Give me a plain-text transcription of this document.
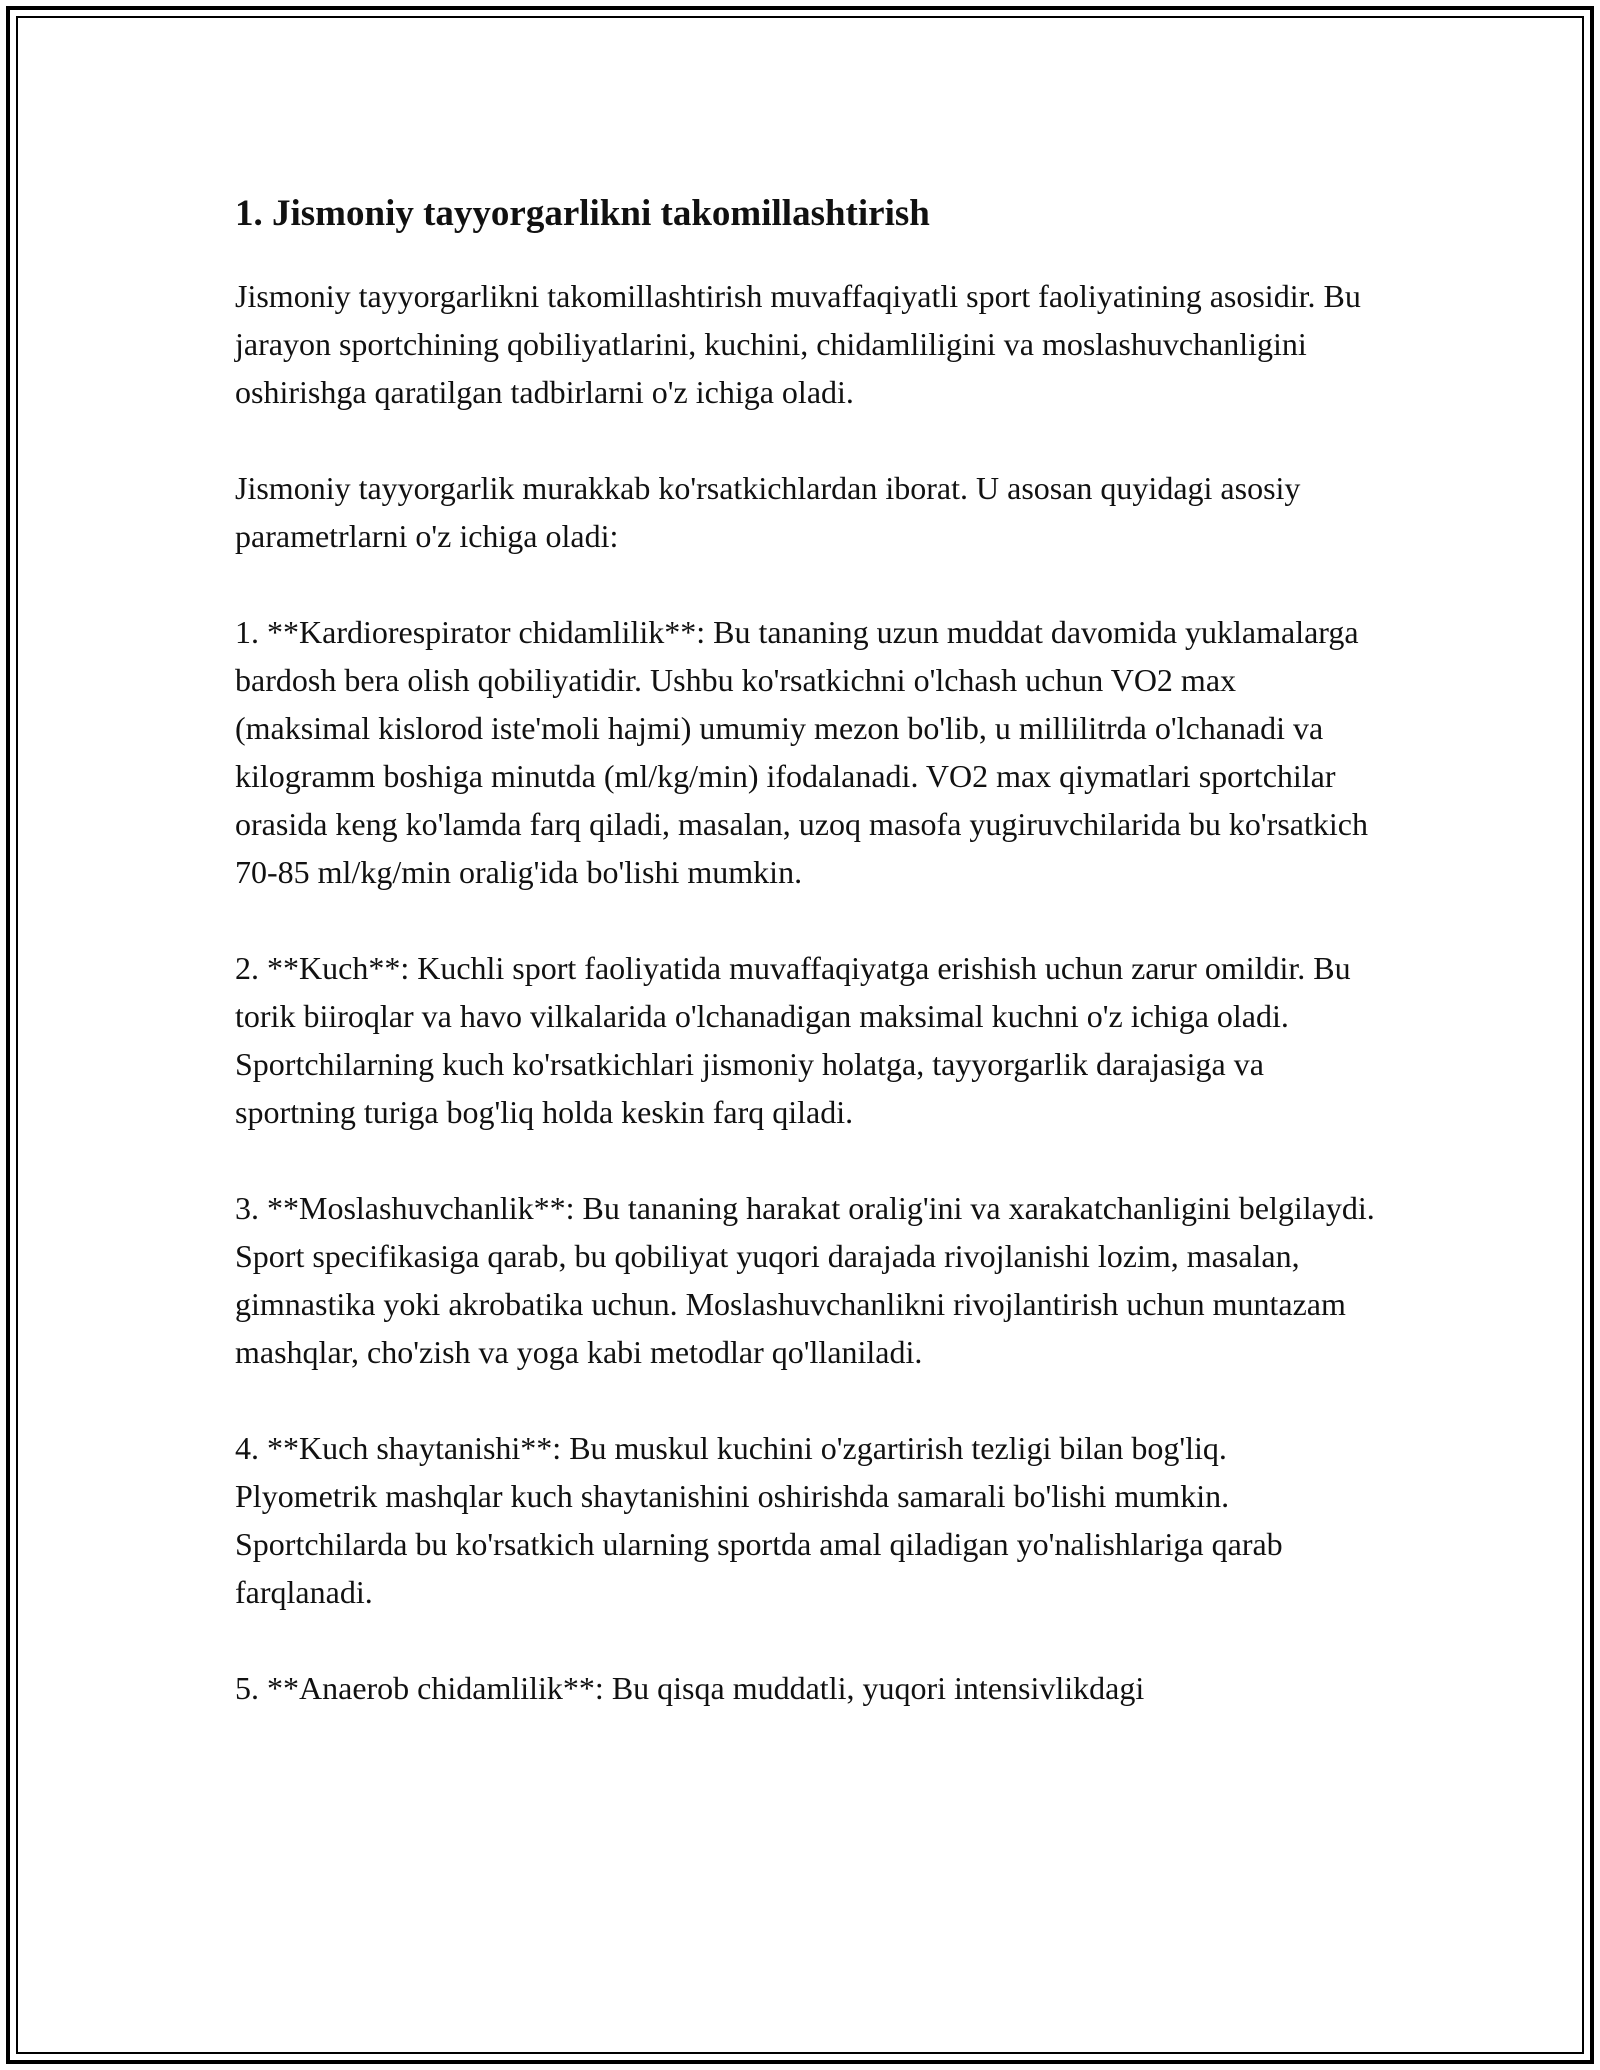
1. Jismoniy tayyorgarlikni takomillashtirish

Jismoniy tayyorgarlikni takomillashtirish muvaffaqiyatli sport faoliyatining asosidir. Bu jarayon sportchining qobiliyatlarini, kuchini, chidamliligini va moslashuvchanligini oshirishga qaratilgan tadbirlarni o'z ichiga oladi.

Jismoniy tayyorgarlik murakkab ko'rsatkichlardan iborat. U asosan quyidagi asosiy parametrlarni o'z ichiga oladi:

1. **Kardiorespirator chidamlilik**: Bu tananing uzun muddat davomida yuklamalarga bardosh bera olish qobiliyatidir. Ushbu ko'rsatkichni o'lchash uchun VO2 max (maksimal kislorod iste'moli hajmi) umumiy mezon bo'lib, u millilitrda o'lchanadi va kilogramm boshiga minutda (ml/kg/min) ifodalanadi. VO2 max qiymatlari sportchilar orasida keng ko'lamda farq qiladi, masalan, uzoq masofa yugiruvchilarida bu ko'rsatkich 70-85 ml/kg/min oralig'ida bo'lishi mumkin.

2. **Kuch**: Kuchli sport faoliyatida muvaffaqiyatga erishish uchun zarur omildir. Bu torik biiroqlar va havo vilkalarida o'lchanadigan maksimal kuchni o'z ichiga oladi. Sportchilarning kuch ko'rsatkichlari jismoniy holatga, tayyorgarlik darajasiga va sportning turiga bog'liq holda keskin farq qiladi.

3. **Moslashuvchanlik**: Bu tananing harakat oralig'ini va xarakatchanligini belgilaydi. Sport specifikasiga qarab, bu qobiliyat yuqori darajada rivojlanishi lozim, masalan, gimnastika yoki akrobatika uchun. Moslashuvchanlikni rivojlantirish uchun muntazam mashqlar, cho'zish va yoga kabi metodlar qo'llaniladi.

4. **Kuch shaytanishi**: Bu muskul kuchini o'zgartirish tezligi bilan bog'liq. Plyometrik mashqlar kuch shaytanishini oshirishda samarali bo'lishi mumkin. Sportchilarda bu ko'rsatkich ularning sportda amal qiladigan yo'nalishlariga qarab farqlanadi.

5. **Anaerob chidamlilik**: Bu qisqa muddatli, yuqori intensivlikdagi
